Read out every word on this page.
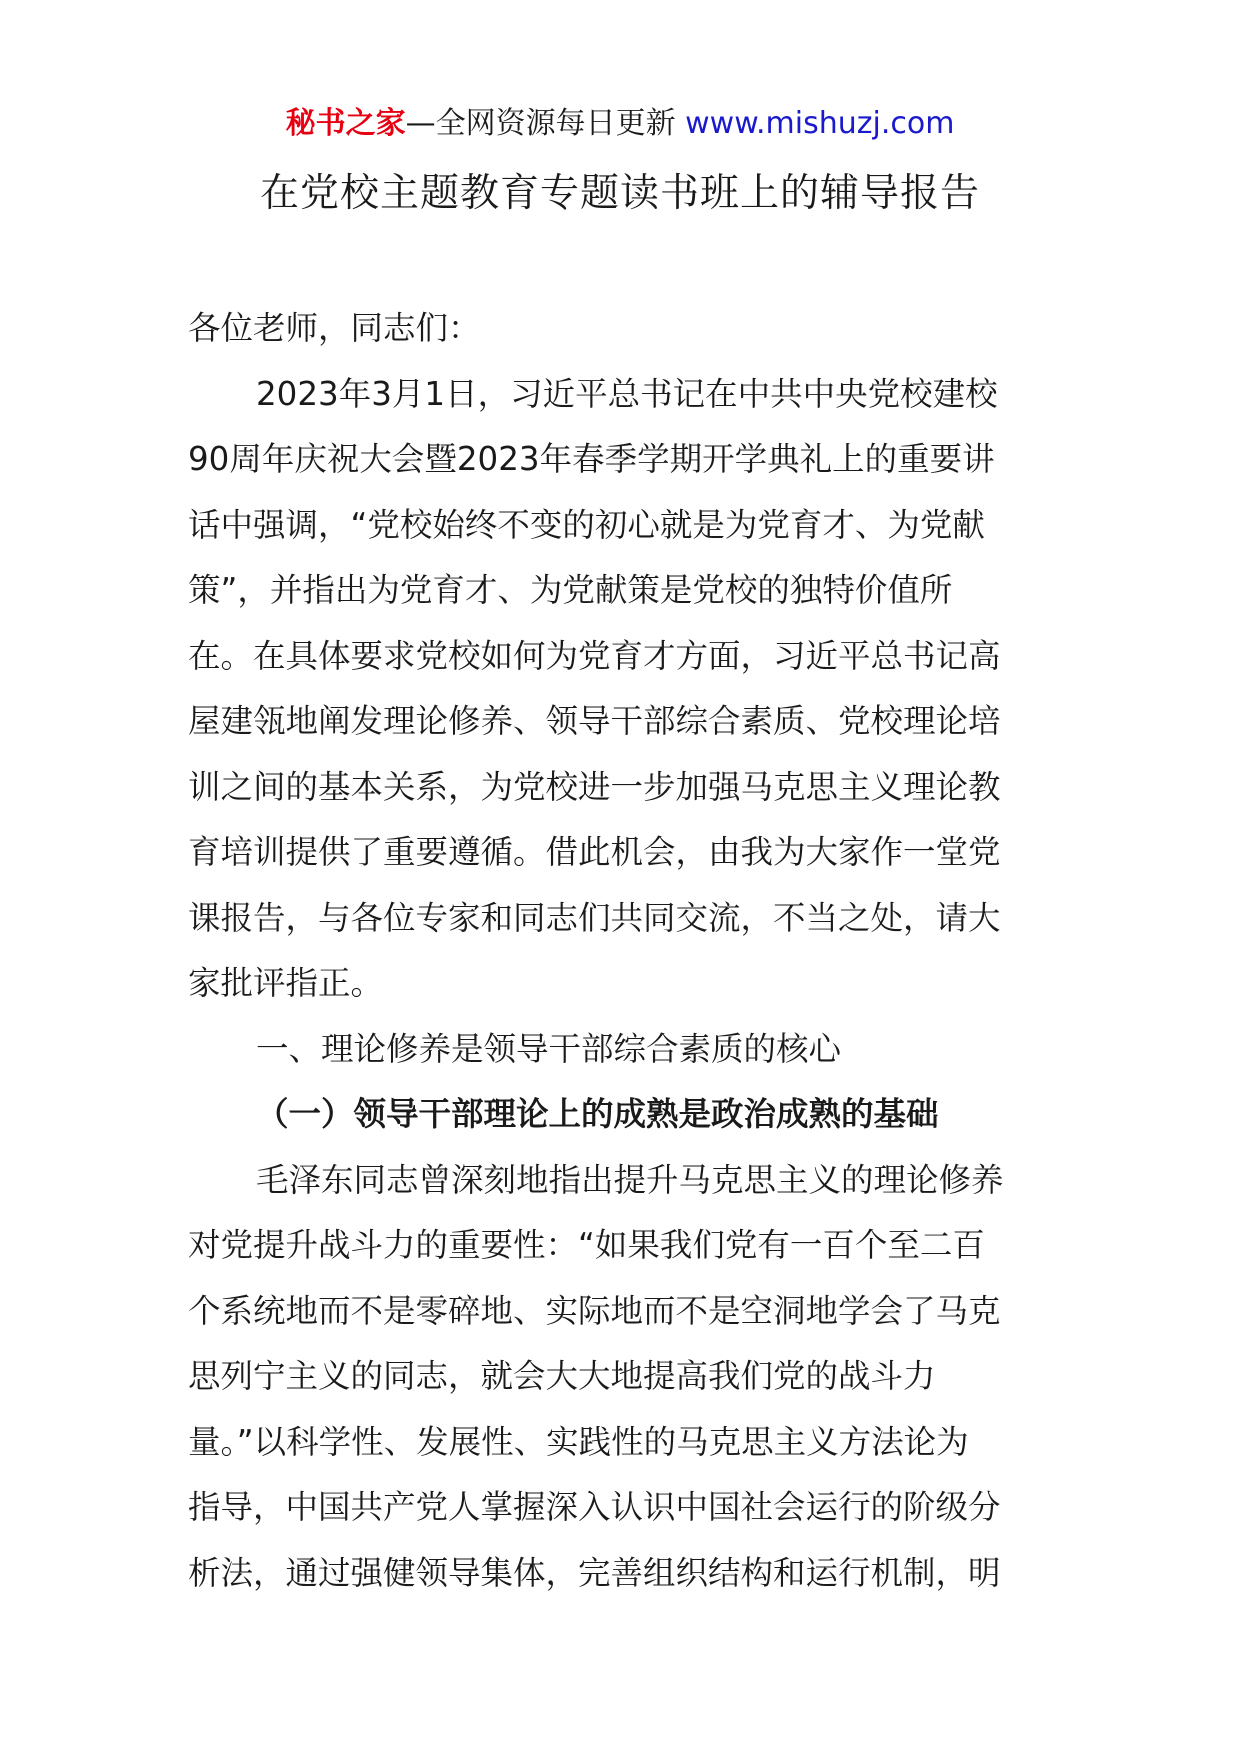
秘书之家—全网资源每日更新 www.mishuzj.com
在党校主题教育专题读书班上的辅导报告
各位老师，同志们：
2023年3月1日，习近平总书记在中共中央党校建校
90周年庆祝大会暨2023年春季学期开学典礼上的重要讲
话中强调，“党校始终不变的初心就是为党育才、为党献
策”，并指出为党育才、为党献策是党校的独特价值所
在。在具体要求党校如何为党育才方面，习近平总书记高
屋建瓴地阐发理论修养、领导干部综合素质、党校理论培
训之间的基本关系，为党校进一步加强马克思主义理论教
育培训提供了重要遵循。借此机会，由我为大家作一堂党
课报告，与各位专家和同志们共同交流，不当之处，请大
家批评指正。
一、理论修养是领导干部综合素质的核心
（一）领导干部理论上的成熟是政治成熟的基础
毛泽东同志曾深刻地指出提升马克思主义的理论修养
对党提升战斗力的重要性：“如果我们党有一百个至二百
个系统地而不是零碎地、实际地而不是空洞地学会了马克
思列宁主义的同志，就会大大地提高我们党的战斗力
量。”以科学性、发展性、实践性的马克思主义方法论为
指导，中国共产党人掌握深入认识中国社会运行的阶级分
析法，通过强健领导集体，完善组织结构和运行机制，明
